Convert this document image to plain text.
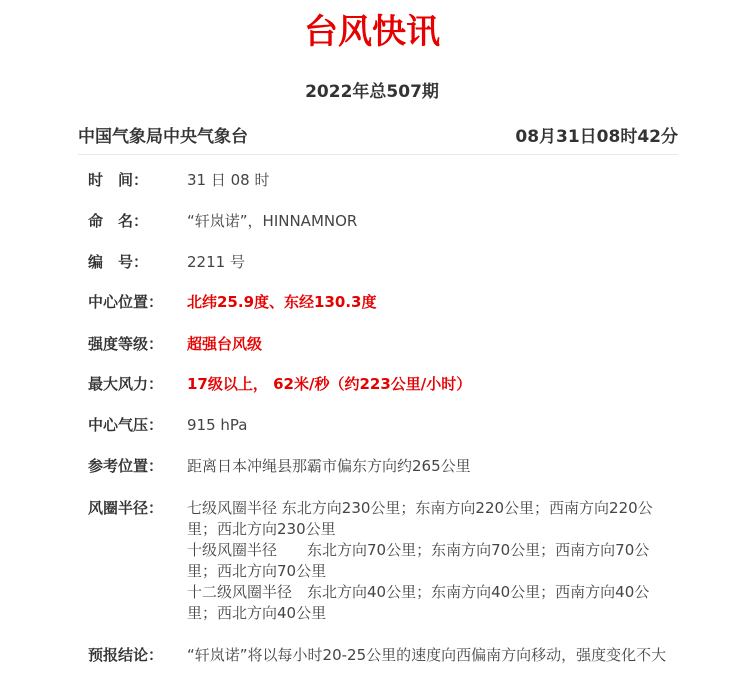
台风快讯
2022年总507期
中国气象局中央气象台	08月31日08时42分
时　间：	31 日 08 时
命　名：	“轩岚诺”，HINNAMNOR
编　号：	2211 号
中心位置： 北纬25.9度、东经130.3度
强度等级： 超强台风级
最大风力： 17级以上， 62米/秒（约223公里/小时）
中心气压： 915 hPa
参考位置： 距离日本冲绳县那霸市偏东方向约265公里
风圈半径： 七级风圈半径 东北方向230公里；东南方向220公里；西南方向220公里；西北方向230公里

十级风圈半径　　东北方向70公里；东南方向70公里；西南方向70公里；西北方向70公里

十二级风圈半径　东北方向40公里；东南方向40公里；西南方向40公里；西北方向40公里

预报结论： “轩岚诺”将以每小时20-25公里的速度向西偏南方向移动，强度变化不大
